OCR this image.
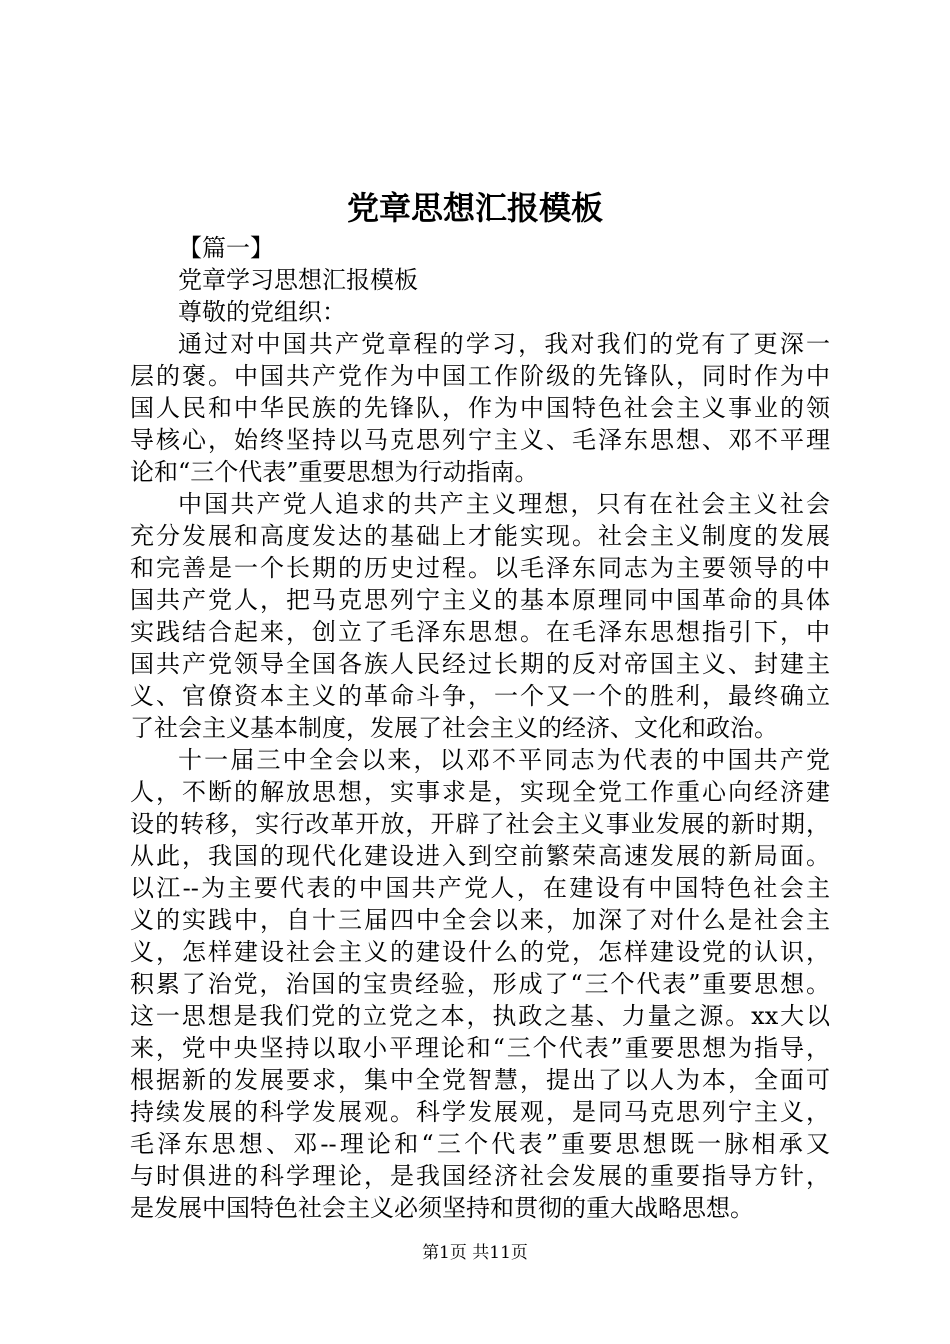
党章思想汇报模板
【篇一】
党章学习思想汇报模板
尊敬的党组织：
通过对中国共产党章程的学习，我对我们的党有了更深一
层的褒。中国共产党作为中国工作阶级的先锋队，同时作为中
国人民和中华民族的先锋队，作为中国特色社会主义事业的领
导核心，始终坚持以马克思列宁主义、毛泽东思想、邓不平理
论和“三个代表”重要思想为行动指南。
中国共产党人追求的共产主义理想，只有在社会主义社会
充分发展和高度发达的基础上才能实现。社会主义制度的发展
和完善是一个长期的历史过程。以毛泽东同志为主要领导的中
国共产党人，把马克思列宁主义的基本原理同中国革命的具体
实践结合起来，创立了毛泽东思想。在毛泽东思想指引下，中
国共产党领导全国各族人民经过长期的反对帝国主义、封建主
义、官僚资本主义的革命斗争，一个又一个的胜利，最终确立
了社会主义基本制度，发展了社会主义的经济、文化和政治。
十一届三中全会以来，以邓不平同志为代表的中国共产党
人，不断的解放思想，实事求是，实现全党工作重心向经济建
设的转移，实行改革开放，开辟了社会主义事业发展的新时期，
从此，我国的现代化建设进入到空前繁荣高速发展的新局面。
以江--为主要代表的中国共产党人，在建设有中国特色社会主
义的实践中，自十三届四中全会以来，加深了对什么是社会主
义，怎样建设社会主义的建设什么的党，怎样建设党的认识，
积累了治党，治国的宝贵经验，形成了“三个代表”重要思想。
这一思想是我们党的立党之本，执政之基、力量之源。xx大以
来，党中央坚持以取小平理论和“三个代表”重要思想为指导，
根据新的发展要求，集中全党智慧，提出了以人为本，全面可
持续发展的科学发展观。科学发展观，是同马克思列宁主义，
毛泽东思想、邓--理论和“三个代表”重要思想既一脉相承又
与时俱进的科学理论，是我国经济社会发展的重要指导方针，
是发展中国特色社会主义必须坚持和贯彻的重大战略思想。
第1页 共11页
